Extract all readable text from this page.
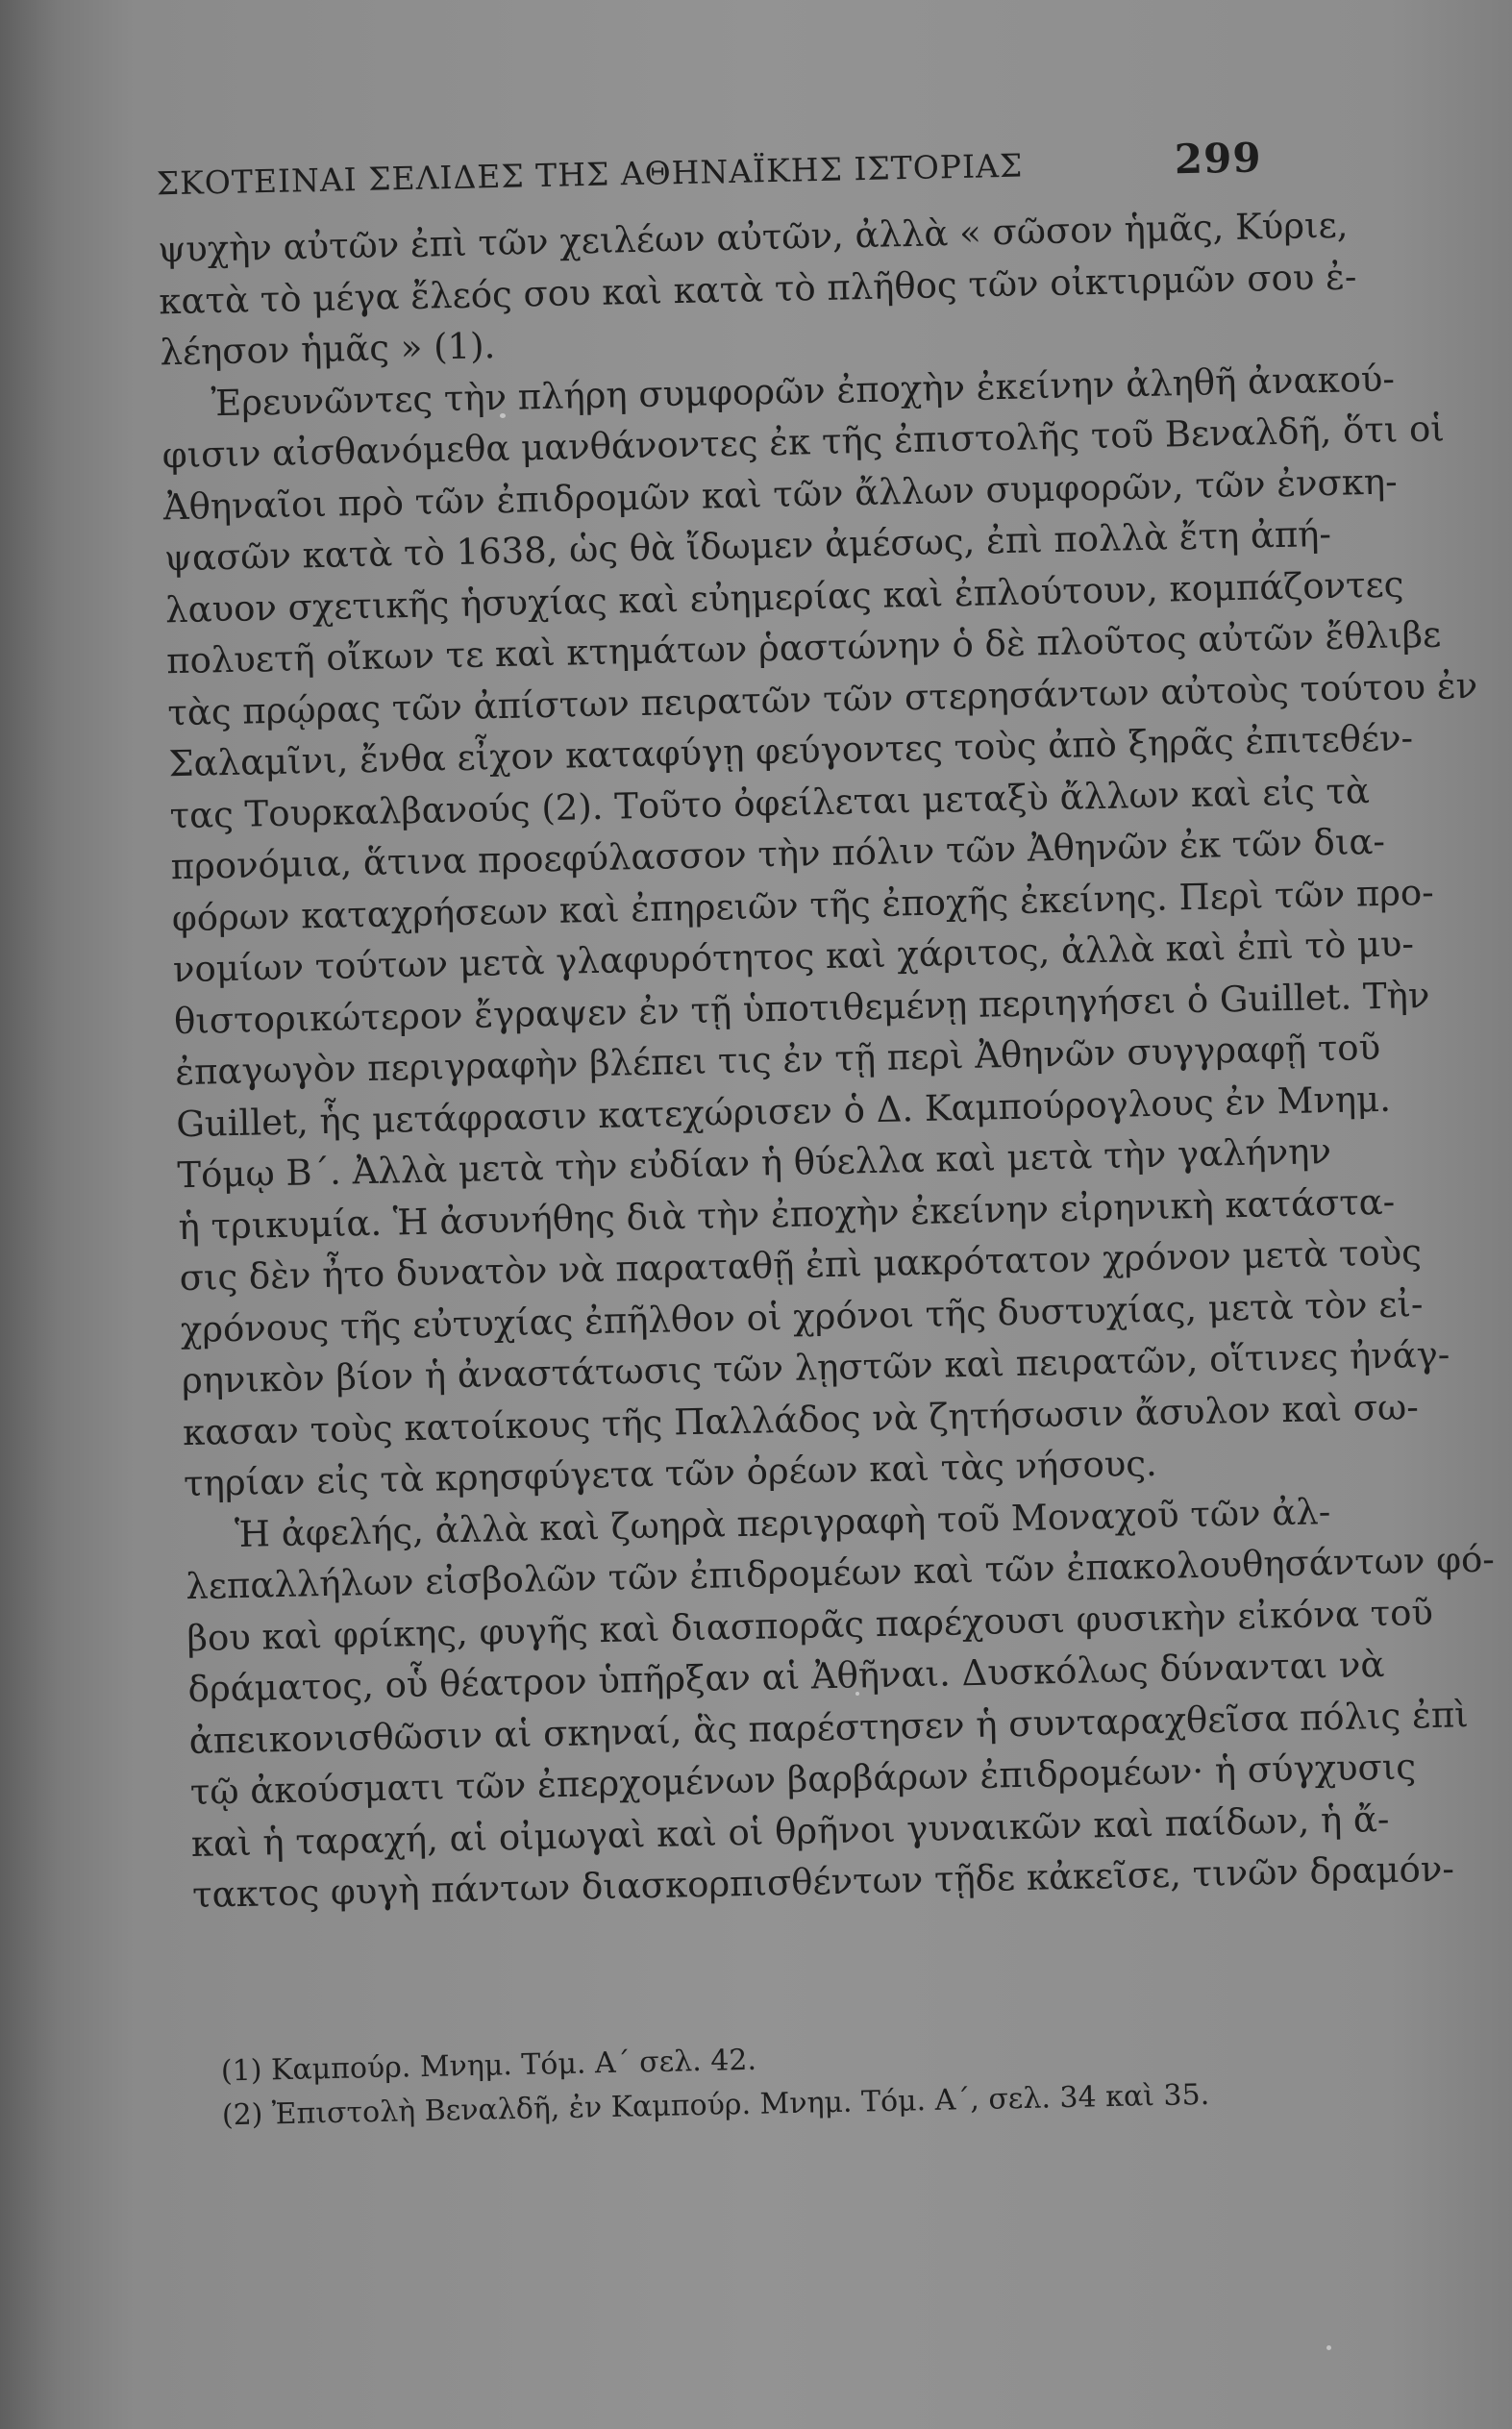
ΣΚΟΤΕΙΝΑΙ ΣΕΛΙΔΕΣ ΤΗΣ ΑΘΗΝΑΪΚΗΣ ΙΣΤΟΡΙΑΣ	299
ψυχὴν αὐτῶν ἐπὶ τῶν χειλέων αὐτῶν, ἀλλὰ « σῶσον ἡμᾶς, Κύριε,
κατὰ τὸ μέγα ἔλεός σου καὶ κατὰ τὸ πλῆθος τῶν οἰκτιρμῶν σου ἐ-
λέησον ἡμᾶς » (1).
Ἐρευνῶντες τὴν πλήρη συμφορῶν ἐποχὴν ἐκείνην ἀληθῆ ἀνακού-
φισιν αἰσθανόμεθα μανθάνοντες ἐκ τῆς ἐπιστολῆς τοῦ Βεναλδῆ, ὅτι οἱ
Ἀθηναῖοι πρὸ τῶν ἐπιδρομῶν καὶ τῶν ἄλλων συμφορῶν, τῶν ἐνσκη-
ψασῶν κατὰ τὸ 1638, ὡς θὰ ἴδωμεν ἀμέσως, ἐπὶ πολλὰ ἔτη ἀπή-
λαυον σχετικῆς ἡσυχίας καὶ εὐημερίας καὶ ἐπλούτουν, κομπάζοντες
πολυετῆ οἴκων τε καὶ κτημάτων ῥαστώνην ὁ δὲ πλοῦτος αὐτῶν ἔθλιβε
τὰς πρῴρας τῶν ἀπίστων πειρατῶν τῶν στερησάντων αὐτοὺς τούτου ἐν
Σαλαμῖνι, ἔνθα εἶχον καταφύγῃ φεύγοντες τοὺς ἀπὸ ξηρᾶς ἐπιτεθέν-
τας Τουρκαλβανούς (2). Τοῦτο ὀφείλεται μεταξὺ ἄλλων καὶ εἰς τὰ
προνόμια, ἅτινα προεφύλασσον τὴν πόλιν τῶν Ἀθηνῶν ἐκ τῶν δια-
φόρων καταχρήσεων καὶ ἐπηρειῶν τῆς ἐποχῆς ἐκείνης. Περὶ τῶν προ-
νομίων τούτων μετὰ γλαφυρότητος καὶ χάριτος, ἀλλὰ καὶ ἐπὶ τὸ μυ-
θιστορικώτερον ἔγραψεν ἐν τῇ ὑποτιθεμένῃ περιηγήσει ὁ Guillet. Τὴν
ἐπαγωγὸν περιγραφὴν βλέπει τις ἐν τῇ περὶ Ἀθηνῶν συγγραφῇ τοῦ
Guillet, ἧς μετάφρασιν κατεχώρισεν ὁ Δ. Καμπούρογλους ἐν Μνημ.
Τόμῳ Β΄. Ἀλλὰ μετὰ τὴν εὐδίαν ἡ θύελλα καὶ μετὰ τὴν γαλήνην
ἡ τρικυμία. Ἡ ἀσυνήθης διὰ τὴν ἐποχὴν ἐκείνην εἰρηνικὴ κατάστα-
σις δὲν ἦτο δυνατὸν νὰ παραταθῇ ἐπὶ μακρότατον χρόνον μετὰ τοὺς
χρόνους τῆς εὐτυχίας ἐπῆλθον οἱ χρόνοι τῆς δυστυχίας, μετὰ τὸν εἰ-
ρηνικὸν βίον ἡ ἀναστάτωσις τῶν λῃστῶν καὶ πειρατῶν, οἵτινες ἠνάγ-
κασαν τοὺς κατοίκους τῆς Παλλάδος νὰ ζητήσωσιν ἄσυλον καὶ σω-
τηρίαν εἰς τὰ κρησφύγετα τῶν ὀρέων καὶ τὰς νήσους.
Ἡ ἀφελής, ἀλλὰ καὶ ζωηρὰ περιγραφὴ τοῦ Μοναχοῦ τῶν ἀλ-
λεπαλλήλων εἰσβολῶν τῶν ἐπιδρομέων καὶ τῶν ἐπακολουθησάντων φό-
βου καὶ φρίκης, φυγῆς καὶ διασπορᾶς παρέχουσι φυσικὴν εἰκόνα τοῦ
δράματος, οὗ θέατρον ὑπῆρξαν αἱ Ἀθῆναι. Δυσκόλως δύνανται νὰ
ἀπεικονισθῶσιν αἱ σκηναί, ἃς παρέστησεν ἡ συνταραχθεῖσα πόλις ἐπὶ
τῷ ἀκούσματι τῶν ἐπερχομένων βαρβάρων ἐπιδρομέων· ἡ σύγχυσις
καὶ ἡ ταραχή, αἱ οἰμωγαὶ καὶ οἱ θρῆνοι γυναικῶν καὶ παίδων, ἡ ἄ-
τακτος φυγὴ πάντων διασκορπισθέντων τῇδε κἀκεῖσε, τινῶν δραμόν-
(1) Καμπούρ. Μνημ. Τόμ. Α΄ σελ. 42.
(2) Ἐπιστολὴ Βεναλδῆ, ἐν Καμπούρ. Μνημ. Τόμ. Α΄, σελ. 34 καὶ 35.
